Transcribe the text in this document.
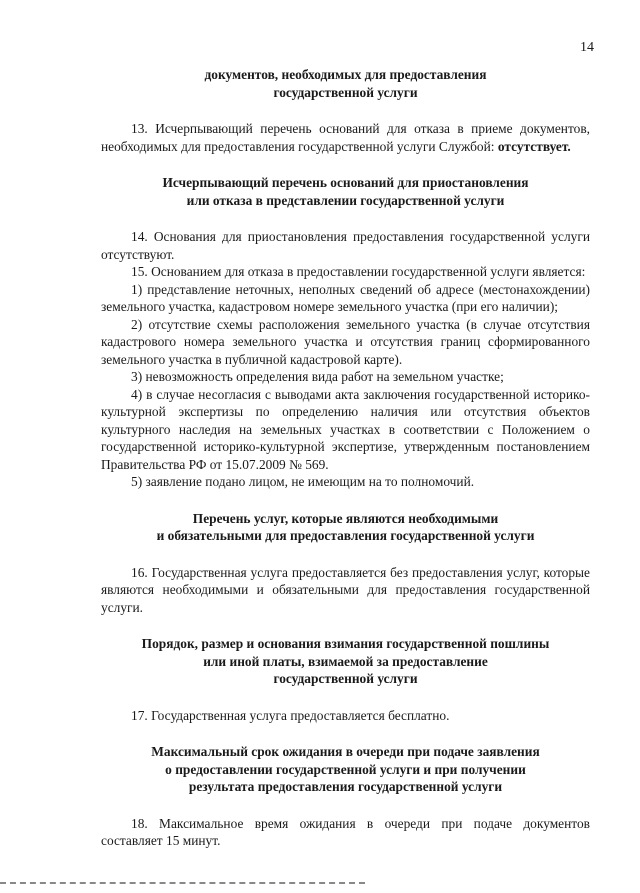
14

документов, необходимых для предоставления
государственной услуги

13. Исчерпывающий перечень оснований для отказа в приеме документов, необходимых для предоставления государственной услуги Службой: отсутствует.

Исчерпывающий перечень оснований для приостановления
или отказа в представлении государственной услуги

14. Основания для приостановления предоставления государственной услуги отсутствуют.

15. Основанием для отказа в предоставлении государственной услуги является:

1) представление неточных, неполных сведений об адресе (местонахождении) земельного участка, кадастровом номере земельного участка (при его наличии);

2) отсутствие схемы расположения земельного участка (в случае отсутствия кадастрового номера земельного участка и отсутствия границ сформированного земельного участка в публичной кадастровой карте).

3) невозможность определения вида работ на земельном участке;

4) в случае несогласия с выводами акта заключения государственной историко-культурной экспертизы по определению наличия или отсутствия объектов культурного наследия на земельных участках в соответствии с Положением о государственной историко-культурной экспертизе, утвержденным постановлением Правительства РФ от 15.07.2009 № 569.

5) заявление подано лицом, не имеющим на то полномочий.

Перечень услуг, которые являются необходимыми
и обязательными для предоставления государственной услуги

16. Государственная услуга предоставляется без предоставления услуг, которые являются необходимыми и обязательными для предоставления государственной услуги.

Порядок, размер и основания взимания государственной пошлины
или иной платы, взимаемой за предоставление
государственной услуги

17. Государственная услуга предоставляется бесплатно.

Максимальный срок ожидания в очереди при подаче заявления
о предоставлении государственной услуги и при получении
результата предоставления государственной услуги

18. Максимальное время ожидания в очереди при подаче документов составляет 15 минут.
